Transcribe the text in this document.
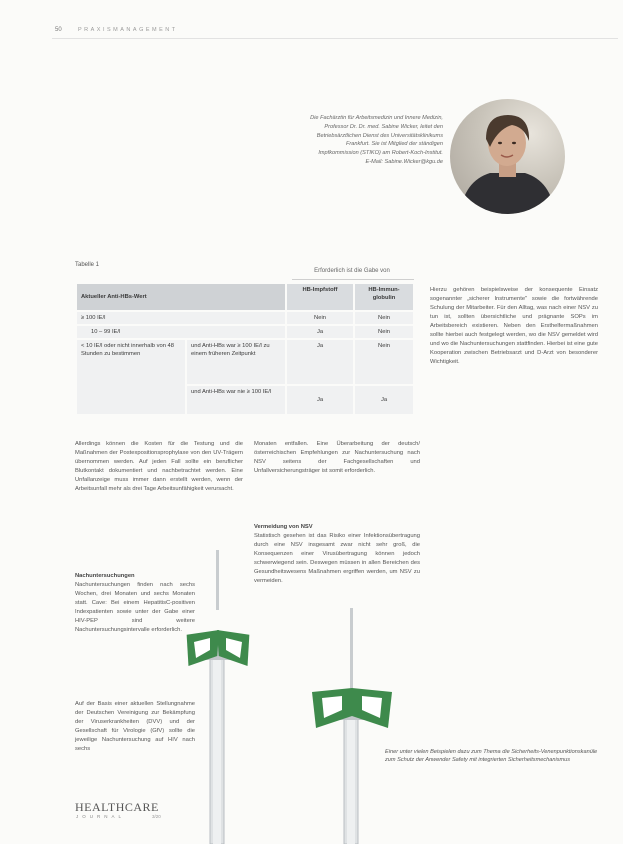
50	PRAXISMANAGEMENT
Die Fachärztin für Arbeitsmedizin und Innere Medizin,
Professor Dr. Dr. med. Sabine Wicker, leitet den
Betriebsärztlichen Dienst des Universitätsklinikums
Frankfurt. Sie ist Mitglied der ständigen
Impfkommission (STIKO) am Robert-Koch-Institut.
E-Mail: Sabine.Wicker@kgu.de
Tabelle 1
Erforderlich ist die Gabe von
Aktueller Anti-HBs-Wert		HB-Impfstoff	HB-Immun-globulin
≥ 100 IE/l		Nein	Nein
10 – 99 IE/l		Ja	Nein
< 10 IE/l oder nicht innerhalb von 48 Stunden zu bestimmen	und Anti-HBs war ≥ 100 IE/l zu einem früheren Zeitpunkt	Ja	Nein
	und Anti-HBs war nie ≥ 100 IE/l	Ja	Ja

Allerdings können die Kosten für die Testung und die Maßnahmen der Postexpositionsprophylaxe von den UV-Trägern übernommen werden. Auf jeden Fall sollte ein beruflicher Blutkontakt dokumentiert und nachbetrachtet werden. Eine Unfallanzeige muss immer dann erstellt werden, wenn der Arbeitsunfall mehr als drei Tage Arbeitsunfähigkeit verursacht.

Nachuntersuchungen

Nachuntersuchungen finden nach sechs Wochen, drei Monaten und sechs Monaten statt. Cave: Bei einem HepatitisC-positiven Indexpatienten sowie unter der Gabe einer HIV-PEP sind weitere Nachuntersuchungsintervalle erforderlich.

Auf der Basis einer aktuellen Stellungnahme der Deutschen Vereinigung zur Bekämpfung der Viruserkrankheiten (DVV) und der Gesellschaft für Virologie (GfV) sollte die jeweilige Nachuntersuchung auf HIV nach sechs

Monaten entfallen. Eine Überarbeitung der deutsch/österreichischen Empfehlungen zur Nachuntersuchung nach NSV seitens der Fachgesellschaften und Unfallversicherungsträger ist somit erforderlich.

Vermeidung von NSV

Statistisch gesehen ist das Risiko einer Infektionsübertragung durch eine NSV insgesamt zwar nicht sehr groß, die Konsequenzen einer Virusübertragung können jedoch schwerwiegend sein. Deswegen müssen in allen Bereichen des Gesundheitswesens Maßnahmen ergriffen werden, um NSV zu vermeiden.

Hierzu gehören beispielsweise der konsequente Einsatz sogenannter „sicherer Instrumente" sowie die fortwährende Schulung der Mitarbeiter. Für den Alltag, was nach einer NSV zu tun ist, sollten übersichtliche und prägnante SOPs im Arbeitsbereich existieren. Neben den Ersthelfermaßnahmen sollte hierbei auch festgelegt werden, wo die NSV gemeldet wird und wo die Nachuntersuchungen stattfinden. Hierbei ist eine gute Kooperation zwischen Betriebsarzt und D-Arzt von besonderer Wichtigkeit.

Einer unter vielen Beispielen dazu zum Thema die Sicherheits-Venenpunktionskanüle zum Schutz der Anwender Safety mit integrierten Sicherheitsmechanismus
HEALTHCARE
JOURNAL	3/20
